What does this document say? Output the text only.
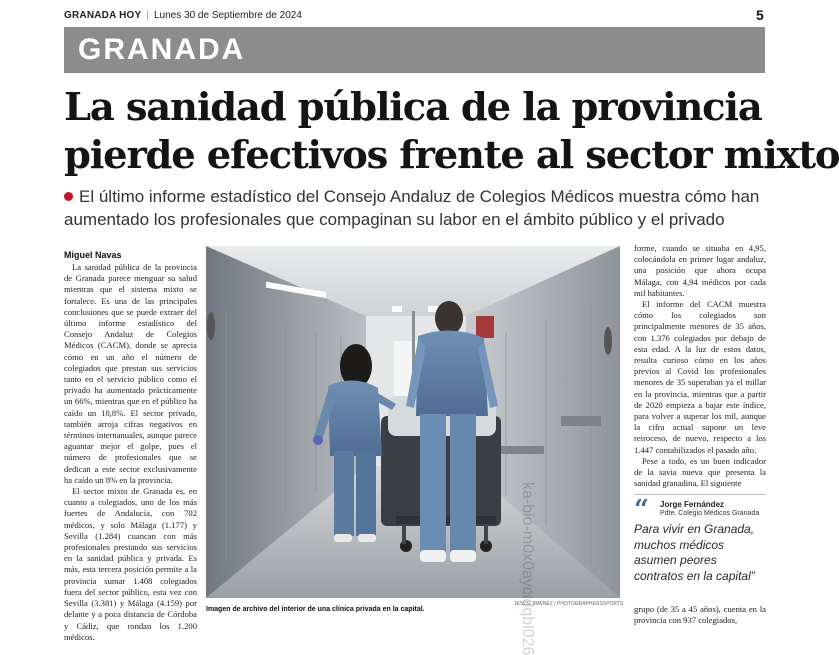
GRANADA HOY | Lunes 30 de Septiembre de 2024	5
GRANADA
La sanidad pública de la provincia
pierde efectivos frente al sector mixto
El último informe estadístico del Consejo Andaluz de Colegios Médicos muestra cómo han aumentado los profesionales que compaginan su labor en el ámbito público y el privado
Miguel Navas

La sanidad pública de la provincia de Granada parece menguar su salud mientras que el sistema mixto se fortalece. Es una de las principales conclusiones que se puede extraer del último informe estadístico del Consejo Andaluz de Colegios Médicos (CACM), donde se aprecia cómo en un año el número de colegiados que prestan sus servicios tanto en el servicio público como el privado ha aumentado prácticamente un 66%, mientras que en el público ha caído un 10,8%. El sector privado, también arroja cifras negativos en términos internanuales, aunque parece aguantar mejor el golpe, pues el número de profesionales que se dedican a este sector exclusivamente ha caído un 8% en la provincia.

El sector mixto de Granada es, en cuanto a colegiados, uno de los más fuertes de Andalucía, con 702 médicos, y solo Málaga (1.177) y Sevilla (1.284) cuancan con más profesionales prestando sus servicios en la sanidad pública y privada. Es más, esta tercera posición permite a la provincia sumar 1.408 colegiados fuera del sector público, esta vez con Sevilla (3.381) y Málaga (4.159) por delante y a poca distancia de Córdoba y Cádiz, que rondan los 1.200 médicos.

JESÚS JIMÉNEZ / PHOTOGRAPHERSSPORTS
Imagen de archivo del interior de una clínica privada en la capital.	ka-bio-m0x0aycidqbl026

forme, cuando se situaba en 4,95, colocándola en primer lugar andaluz, una posición que ahora ocupa Málaga, con 4,94 médicos por cada mil habitantes.

El informe del CACM muestra cómo los colegiados son principalmente menores de 35 años, con 1.376 colegiados por debajo de esta edad. A la luz de estos datos, resulta curioso cómo en los años previos al Covid los profesionales menores de 35 superaban ya el millar en la provincia, mientras que a partir de 2020 empieza a bajar este índice, para volver a superar los mil, aunque la cifra actual supone un leve reiroceso, de nuevo, respecto a los 1.447 contabilizados el pasado año.

Pese a todo, es un buen indicador de la savia nueva que presenta la sanidad granadina. El siguiente

“ Jorge Fernández
Pdte. Colegio Médicos Granada
Para vivir en Granada, muchos médicos asumen peores contratos en la capital”
grupo (de 35 a 45 años), cuenta en la provincia con 937 colegiados,
